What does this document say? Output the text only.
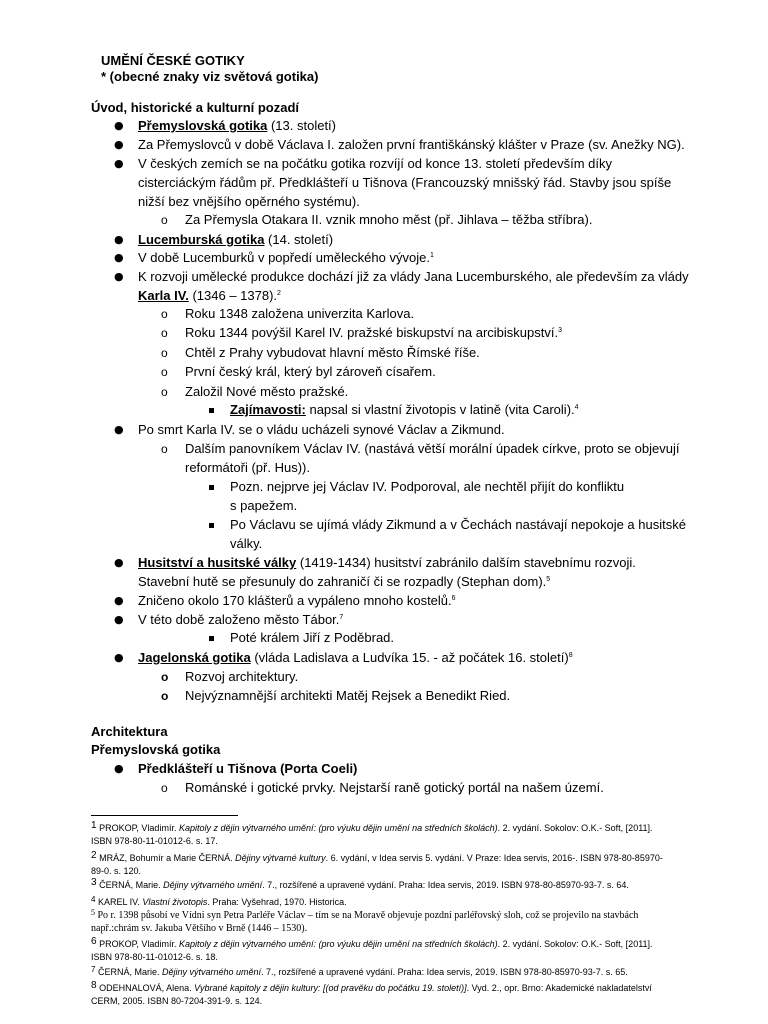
UMĚNÍ ČESKÉ GOTIKY
* (obecné znaky viz světová gotika)
Úvod, historické a kulturní pozadí
● Přemyslovská gotika (13. století)
● Za Přemyslovců v době Václava I. založen první františkánský klášter v Praze (sv. Anežky NG).
● V českých zemích se na počátku gotika rozvíjí od konce 13. století především díky
cisterciáckým řádům př. Předklášteří u Tišnova (Francouzský mnišský řád. Stavby jsou spíše
nižší bez vnějšího opěrného systému).
o Za Přemysla Otakara II. vznik mnoho měst (př. Jihlava – těžba stříbra).
● Lucemburská gotika (14. století)
● V době Lucemburků v popředí uměleckého vývoje.$^1$
● K rozvoji umělecké produkce dochází již za vlády Jana Lucemburského, ale především za vlády
Karla IV. (1346 – 1378).$^2$
o Roku 1348 založena univerzita Karlova.
o Roku 1344 povýšil Karel IV. pražské biskupství na arcibiskupství.$^3$
o Chtěl z Prahy vybudovat hlavní město Římské říše.
o První český král, který byl zároveň císařem.
o Založil Nové město pražské.
Zajímavosti: napsal si vlastní životopis v latině (vita Caroli).$^4$
● Po smrt Karla IV. se o vládu ucházeli synové Václav a Zikmund.
o Dalším panovníkem Václav IV. (nastává větší morální úpadek církve, proto se objevují
reformátoři (př. Hus)).
Pozn. nejprve jej Václav IV. Podporoval, ale nechtěl přijít do konfliktu
s papežem.
Po Václavu se ujímá vlády Zikmund a v Čechách nastávají nepokoje a husitské
války.
● Husitství a husitské války (1419-1434) husitství zabránilo dalším stavebnímu rozvoji.
Stavební hutě se přesunuly do zahraničí či se rozpadly (Stephan dom).$^5$
● Zničeno okolo 170 klášterů a vypáleno mnoho kostelů.$^6$
● V této době založeno město Tábor.$^7$
Poté králem Jiří z Poděbrad.
● Jagelonská gotika (vláda Ladislava a Ludvíka 15. - až počátek 16. století)$^8$
o Rozvoj architektury.
o Nejvýznamnější architekti Matěj Rejsek a Benedikt Ried.
Architektura
Přemyslovská gotika
● Předklášteří u Tišnova (Porta Coeli)
o Románské i gotické prvky. Nejstarší raně gotický portál na našem území.
1 PROKOP, Vladimír. Kapitoly z dějin výtvarného umění: (pro výuku dějin umění na středních školách). 2. vydání. Sokolov: O.K.- Soft, [2011].
ISBN 978-80-11-01012-6. s. 17.
2 MRÁZ, Bohumír a Marie ČERNÁ. Dějiny výtvarné kultury. 6. vydání, v Idea servis 5. vydání. V Praze: Idea servis, 2016-. ISBN 978-80-85970-
89-0. s. 120.
3 ČERNÁ, Marie. Dějiny výtvarného umění. 7., rozšířené a upravené vydání. Praha: Idea servis, 2019. ISBN 978-80-85970-93-7. s. 64.
4 KAREL IV. Vlastní životopis. Praha: Vyšehrad, 1970. Historica.
$^5$ Po r. 1398 působí ve Vídni syn Petra Parléře Václav – tím se na Moravě objevuje pozdní parléřovský sloh, což se projevilo na stavbách
např.:chrám sv. Jakuba Většího v Brně (1446 – 1530).
6 PROKOP, Vladimír. Kapitoly z dějin výtvarného umění: (pro výuku dějin umění na středních školách). 2. vydání. Sokolov: O.K.- Soft, [2011].
ISBN 978-80-11-01012-6. s. 18.
7 ČERNÁ, Marie. Dějiny výtvarného umění. 7., rozšířené a upravené vydání. Praha: Idea servis, 2019. ISBN 978-80-85970-93-7. s. 65.
8 ODEHNALOVÁ, Alena. Vybrané kapitoly z dějin kultury: [(od pravěku do počátku 19. století)]. Vyd. 2., opr. Brno: Akademické nakladatelství
CERM, 2005. ISBN 80-7204-391-9. s. 124.
